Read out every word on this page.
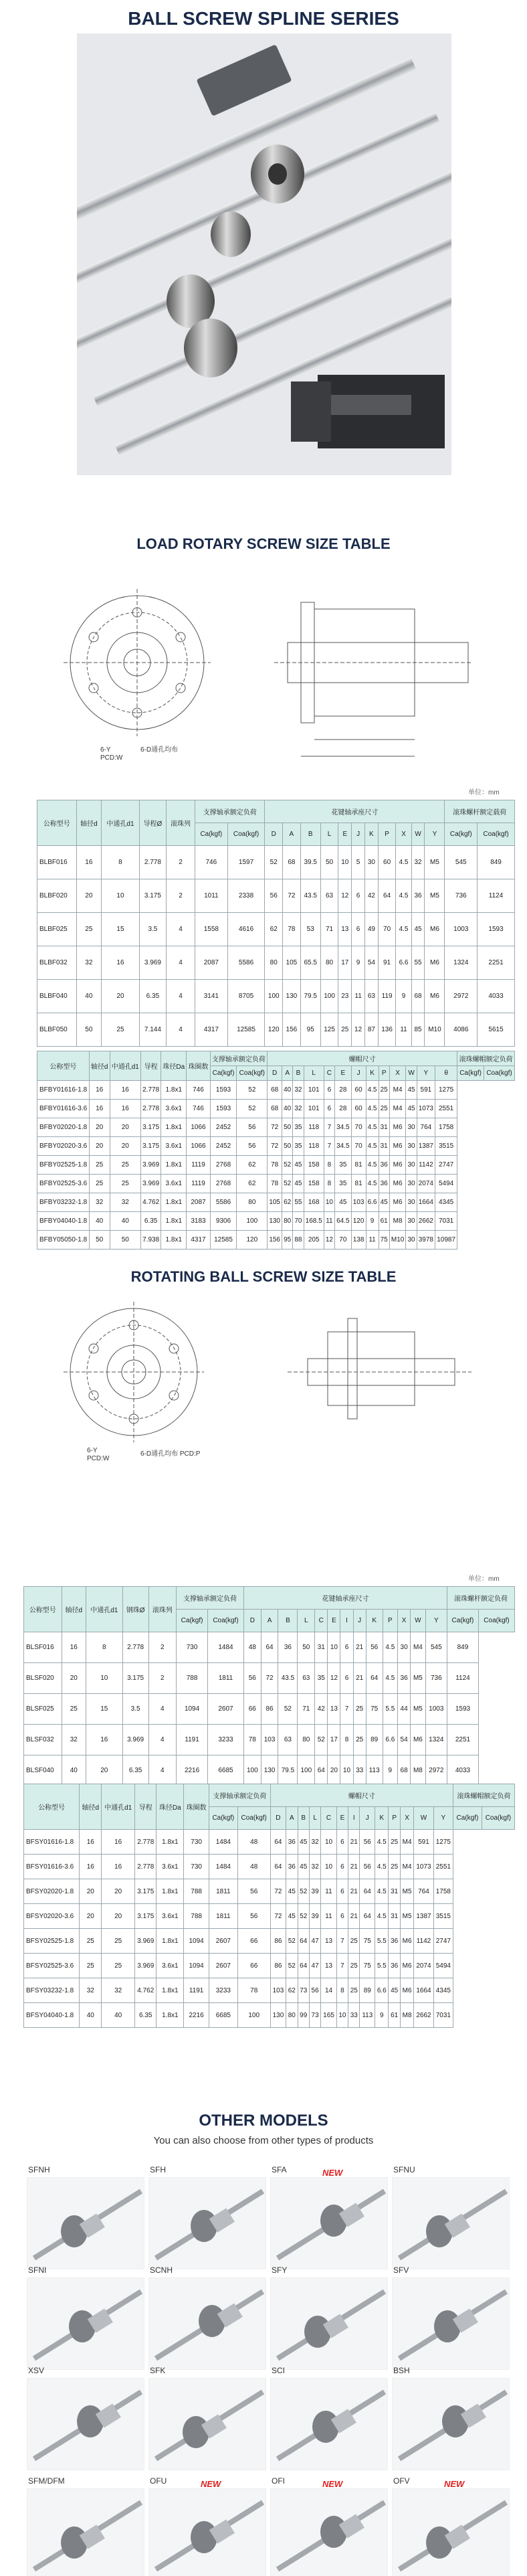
BALL SCREW SPLINE SERIES
LOAD ROTARY SCREW SIZE TABLE
PCD:W
6-Y	6-D通孔均布
单位：mm
公称型号	轴径d	中通孔d1	导程Ø	滚珠列	支撑轴承额定负荷		花键轴承座尺寸											滚珠螺杆额定载荷	
					Ca(kgf)	Coa(kgf)	D	A	B	L	E	J	K	P	X	W	Y	Ca(kgf)	Coa(kgf)
BLBF016	16	8	2.778	2	746	1597	52	68	39.5	50	10	5	30	60	4.5	32	M5	545	849
BLBF020	20	10	3.175	2	1011	2338	56	72	43.5	63	12	6	42	64	4.5	36	M5	736	1124
BLBF025	25	15	3.5	4	1558	4616	62	78	53	71	13	6	49	70	4.5	45	M6	1003	1593
BLBF032	32	16	3.969	4	2087	5586	80	105	65.5	80	17	9	54	91	6.6	55	M6	1324	2251
BLBF040	40	20	6.35	4	3141	8705	100	130	79.5	100	23	11	63	119	9	68	M6	2972	4033
BLBF050	50	25	7.144	4	4317	12585	120	156	95	125	25	12	87	136	11	85	M10	4086	5615
公称型号	轴径d	中通孔d1	导程	珠径Da	珠圈数	支撑轴承额定负荷		螺帽尺寸													滚珠螺帽额定负荷	
						Ca(kgf)	Coa(kgf)	D	A	B	L	C	E	J	K	P	X	W	Y	θ	Ca(kgf)	Coa(kgf)
BFBY01616-1.8	16	16	2.778	1.8x1	746	1593	52	68	40	32	101	6	28	60	4.5	25	M4	45	591	1275		
BFBY01616-3.6	16	16	2.778	3.6x1	746	1593	52	68	40	32	101	6	28	60	4.5	25	M4	45	1073	2551		
BFBY02020-1.8	20	20	3.175	1.8x1	1066	2452	56	72	50	35	118	7	34.5	70	4.5	31	M6	30	764	1758		
BFBY02020-3.6	20	20	3.175	3.6x1	1066	2452	56	72	50	35	118	7	34.5	70	4.5	31	M6	30	1387	3515		
BFBY02525-1.8	25	25	3.969	1.8x1	1119	2768	62	78	52	45	158	8	35	81	4.5	36	M6	30	1142	2747		
BFBY02525-3.6	25	25	3.969	3.6x1	1119	2768	62	78	52	45	158	8	35	81	4.5	36	M6	30	2074	5494		
BFBY03232-1.8	32	32	4.762	1.8x1	2087	5586	80	105	62	55	168	10	45	103	6.6	45	M6	30	1664	4345		
BFBY04040-1.8	40	40	6.35	1.8x1	3183	9306	100	130	80	70	168.5	11	64.5	120	9	61	M8	30	2662	7031		
BFBY05050-1.8	50	50	7.938	1.8x1	4317	12585	120	156	95	88	205	12	70	138	11	75	M10	30	3978	10987		
ROTATING BALL SCREW SIZE TABLE
6-Y
PCD:W
6-D通孔均布 PCD:P
单位：mm
公称型号	轴径d	中通孔d1	钢珠Ø	滚珠列	支撑轴承额定负荷		花键轴承座尺寸													滚珠螺杆额定负荷	
					Ca(kgf)	Coa(kgf)	D	A	B	L	C	E	I	J	K	P	X	W	Y	Ca(kgf)	Coa(kgf)
BLSF016	16	8	2.778	2	730	1484	48	64	36	50	31	10	6	21	56	4.5	30	M4	545	849	
BLSF020	20	10	3.175	2	788	1811	56	72	43.5	63	35	12	6	21	64	4.5	36	M5	736	1124	
BLSF025	25	15	3.5	4	1094	2607	66	86	52	71	42	13	7	25	75	5.5	44	M5	1003	1593	
BLSF032	32	16	3.969	4	1191	3233	78	103	63	80	52	17	8	25	89	6.6	54	M6	1324	2251	
BLSF040	40	20	6.35	4	2216	6685	100	130	79.5	100	64	20	10	33	113	9	68	M8	2972	4033	
公称型号	轴径d	中通孔d1	导程	珠径Da	珠圈数	支撑轴承额定负荷		螺帽尺寸													滚珠螺帽额定负荷	
						Ca(kgf)	Coa(kgf)	D	A	B	L	C	E	I	J	K	P	X	W	Y	Ca(kgf)	Coa(kgf)
BFSY01616-1.8	16	16	2.778	1.8x1	730	1484	48	64	36	45	32	10	6	21	56	4.5	25	M4	591	1275		
BFSY01616-3.6	16	16	2.778	3.6x1	730	1484	48	64	36	45	32	10	6	21	56	4.5	25	M4	1073	2551		
BFSY02020-1.8	20	20	3.175	1.8x1	788	1811	56	72	45	52	39	11	6	21	64	4.5	31	M5	764	1758		
BFSY02020-3.6	20	20	3.175	3.6x1	788	1811	56	72	45	52	39	11	6	21	64	4.5	31	M5	1387	3515		
BFSY02525-1.8	25	25	3.969	1.8x1	1094	2607	66	86	52	64	47	13	7	25	75	5.5	36	M6	1142	2747		
BFSY02525-3.6	25	25	3.969	3.6x1	1094	2607	66	86	52	64	47	13	7	25	75	5.5	36	M6	2074	5494		
BFSY03232-1.8	32	32	4.762	1.8x1	1191	3233	78	103	62	73	56	14	8	25	89	6.6	45	M6	1664	4345		
BFSY04040-1.8	40	40	6.35	1.8x1	2216	6685	100	130	80	99	73	165	10	33	113	9	61	M8	2662	7031		
OTHER MODELS
You can also choose from other types of products
SFNH	SFH	SFA	NEW	SFNU
SFNI	SCNH	SFY	SFV
XSV	SFK	SCI	BSH
SFM/DFM	OFU	NEW	OFI	NEW	OFV	NEW
